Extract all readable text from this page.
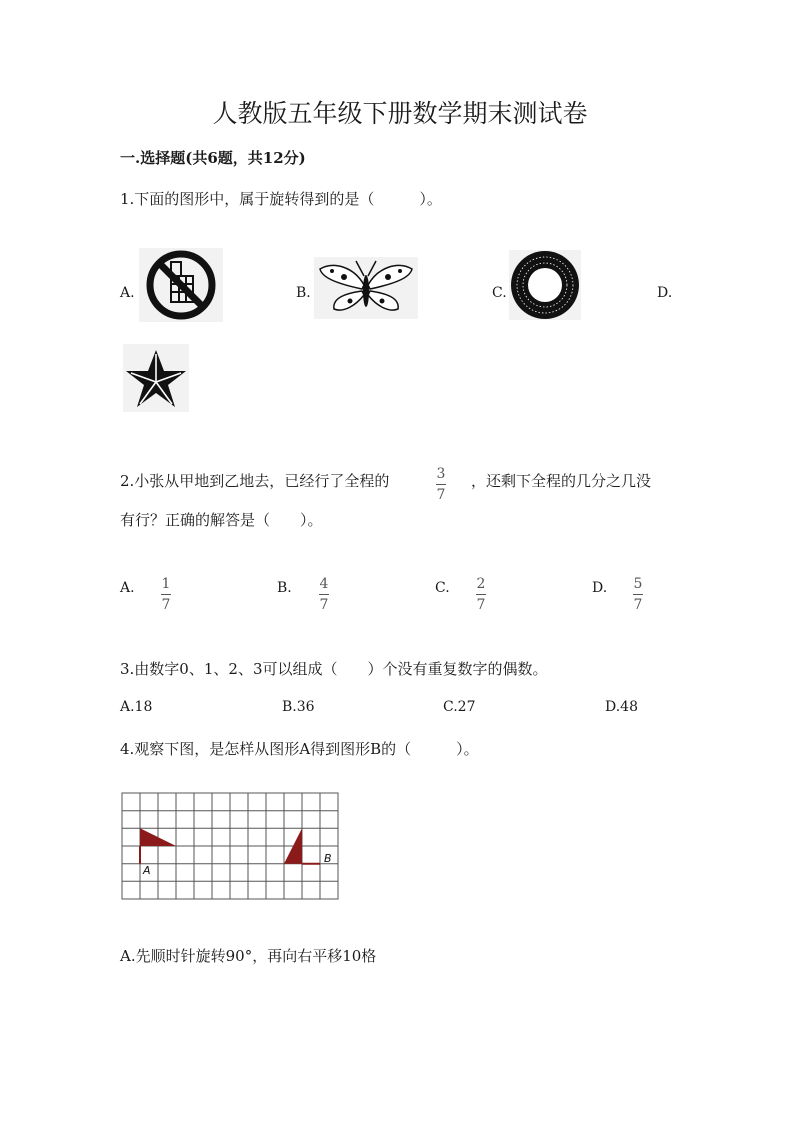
人教版五年级下册数学期末测试卷
一.选择题(共6题，共12分)
1.下面的图形中，属于旋转得到的是（　　　）。
A.	B.	C.	D.
2.小张从甲地到乙地去，已经行了全程的	$\frac{3}{7}$ ，还剩下全程的几分之几没
有行？正确的解答是（　　）。
A. $\frac{1}{7}$	B. $\frac{4}{7}$	C. $\frac{2}{7}$	D. $\frac{5}{7}$
3.由数字0、1、2、3可以组成（　　）个没有重复数字的偶数。
A.18	B.36	C.27	D.48
4.观察下图，是怎样从图形A得到图形B的（　　　）。
A
B
A.先顺时针旋转90°，再向右平移10格
